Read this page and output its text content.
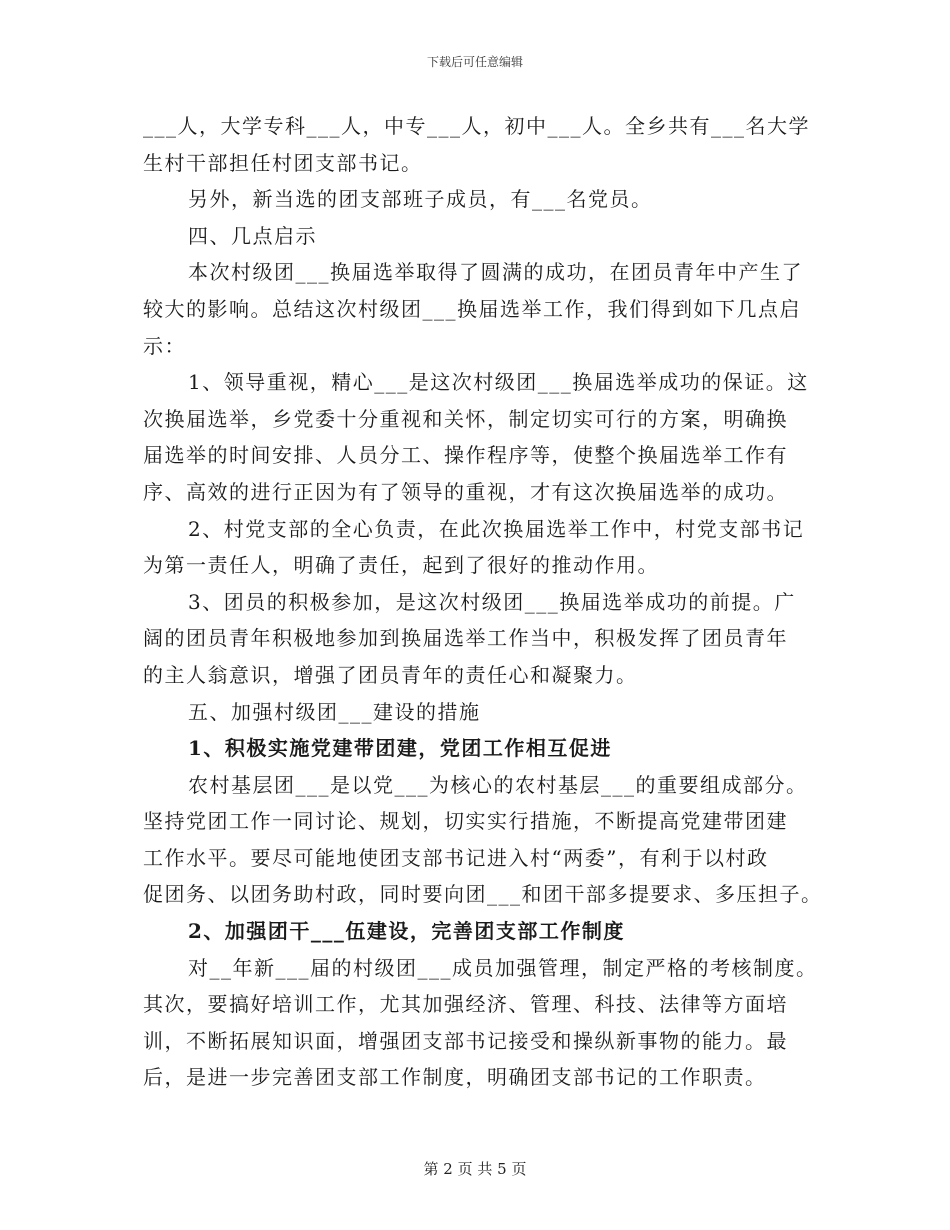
下载后可任意编辑
___人，大学专科___人，中专___人，初中___人。全乡共有___名大学
生村干部担任村团支部书记。
另外，新当选的团支部班子成员，有___名党员。
四、几点启示
本次村级团___换届选举取得了圆满的成功，在团员青年中产生了
较大的影响。总结这次村级团___换届选举工作，我们得到如下几点启
示：
1、领导重视，精心___是这次村级团___换届选举成功的保证。这
次换届选举，乡党委十分重视和关怀，制定切实可行的方案，明确换
届选举的时间安排、人员分工、操作程序等，使整个换届选举工作有
序、高效的进行正因为有了领导的重视，才有这次换届选举的成功。
2、村党支部的全心负责，在此次换届选举工作中，村党支部书记
为第一责任人，明确了责任，起到了很好的推动作用。
3、团员的积极参加，是这次村级团___换届选举成功的前提。广
阔的团员青年积极地参加到换届选举工作当中，积极发挥了团员青年
的主人翁意识，增强了团员青年的责任心和凝聚力。
五、加强村级团___建设的措施
1、积极实施党建带团建，党团工作相互促进
农村基层团___是以党___为核心的农村基层___的重要组成部分。
坚持党团工作一同讨论、规划，切实实行措施，不断提高党建带团建
工作水平。要尽可能地使团支部书记进入村“两委”，有利于以村政
促团务、以团务助村政，同时要向团___和团干部多提要求、多压担子。
2、加强团干___伍建设，完善团支部工作制度
对__年新___届的村级团___成员加强管理，制定严格的考核制度。
其次，要搞好培训工作，尤其加强经济、管理、科技、法律等方面培
训，不断拓展知识面，增强团支部书记接受和操纵新事物的能力。最
后，是进一步完善团支部工作制度，明确团支部书记的工作职责。
第 2 页 共 5 页
